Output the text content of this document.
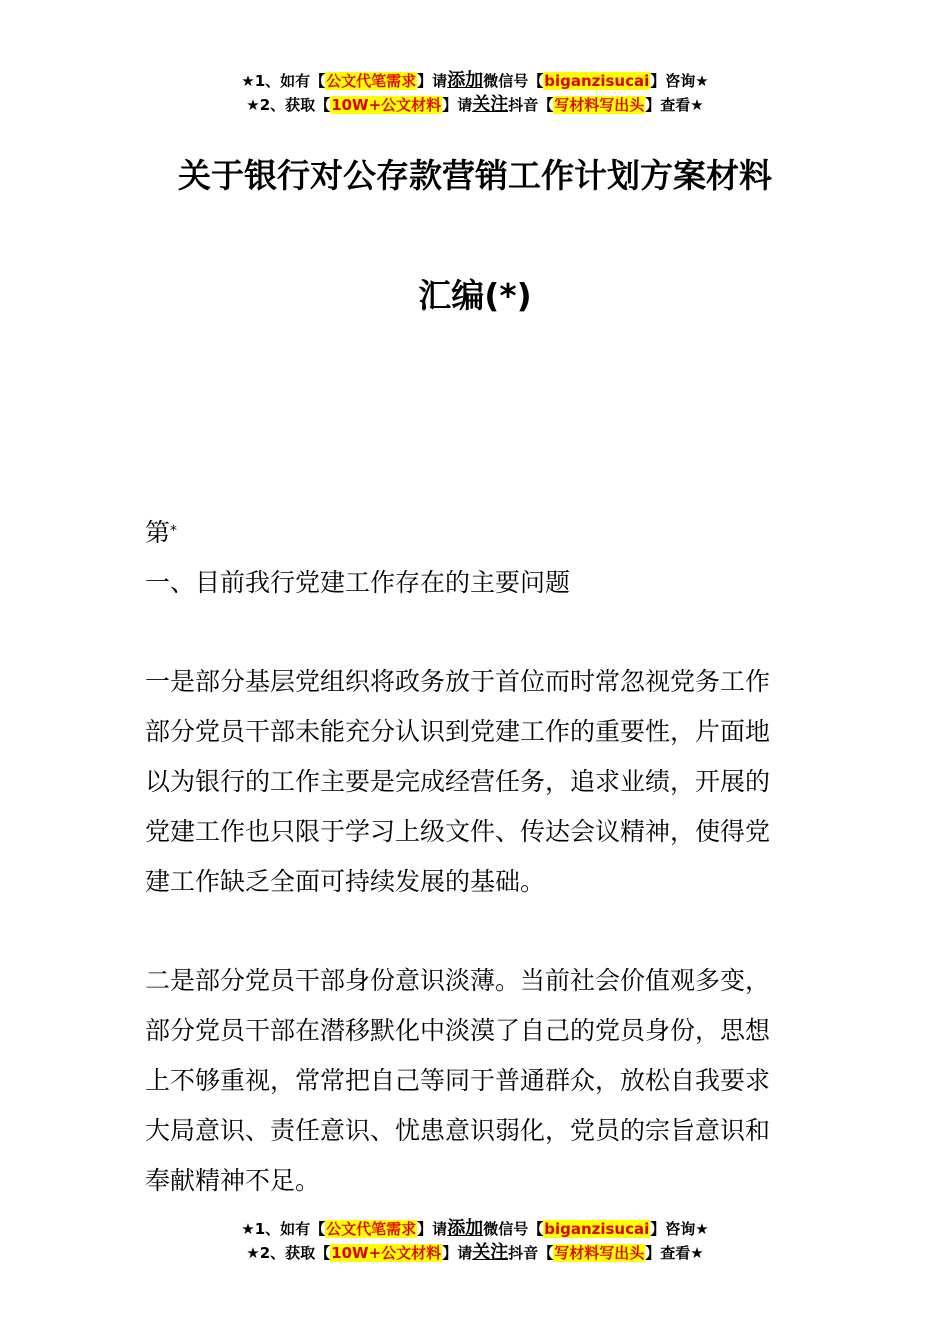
★1、如有【公文代笔需求】请添加微信号【biganzisucai】咨询★
★2、获取【10W+公文材料】请关注抖音【写材料写出头】查看★
关于银行对公存款营销工作计划方案材料
汇编(*)

第*

一、目前我行党建工作存在的主要问题

一是部分基层党组织将政务放于首位而时常忽视党务工作

部分党员干部未能充分认识到党建工作的重要性，片面地

以为银行的工作主要是完成经营任务，追求业绩，开展的

党建工作也只限于学习上级文件、传达会议精神，使得党

建工作缺乏全面可持续发展的基础。

二是部分党员干部身份意识淡薄。当前社会价值观多变，

部分党员干部在潜移默化中淡漠了自己的党员身份，思想

上不够重视，常常把自己等同于普通群众，放松自我要求

大局意识、责任意识、忧患意识弱化，党员的宗旨意识和

奉献精神不足。

★1、如有【公文代笔需求】请添加微信号【biganzisucai】咨询★
★2、获取【10W+公文材料】请关注抖音【写材料写出头】查看★
